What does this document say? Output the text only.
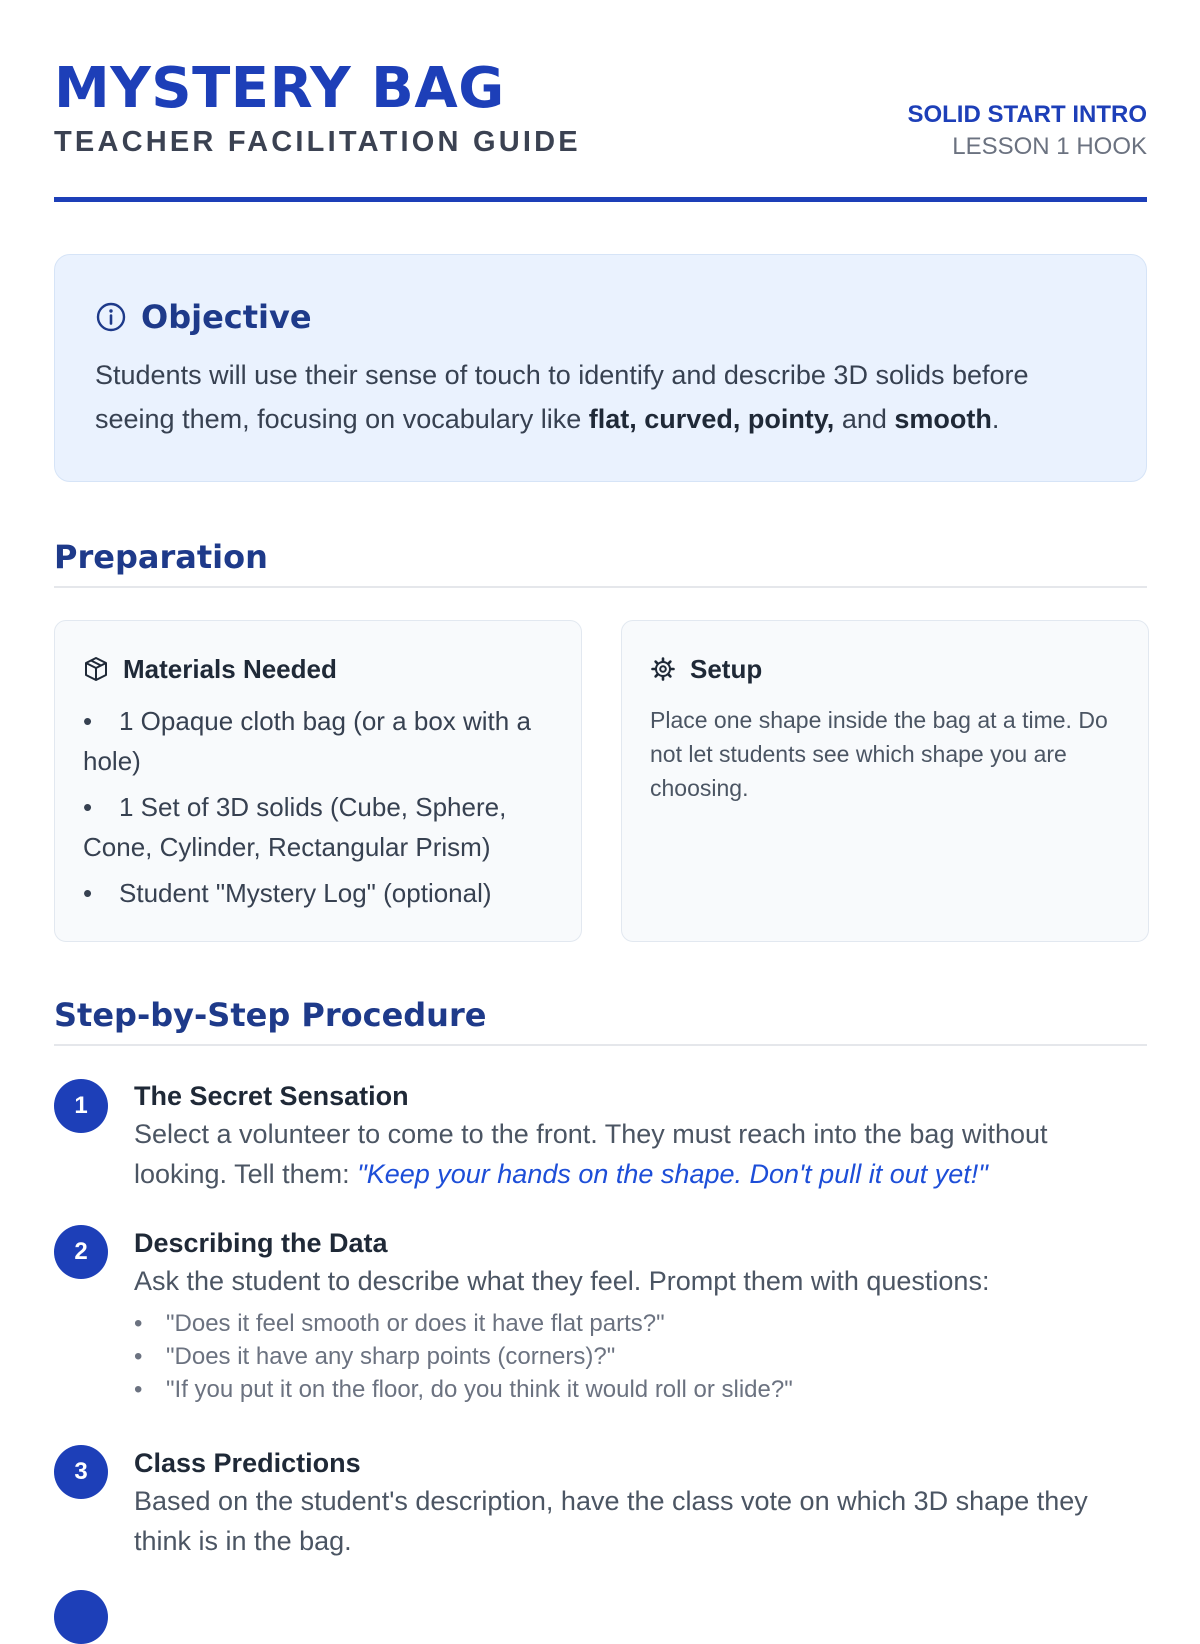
MYSTERY BAG
TEACHER FACILITATION GUIDE
SOLID START INTRO
LESSON 1 HOOK
Objective
Students will use their sense of touch to identify and describe 3D solids before seeing them, focusing on vocabulary like flat, curved, pointy, and smooth.
Preparation
Materials Needed
• 1 Opaque cloth bag (or a box with a hole)
• 1 Set of 3D solids (Cube, Sphere, Cone, Cylinder, Rectangular Prism)
• Student "Mystery Log" (optional)
Setup
Place one shape inside the bag at a time. Do not let students see which shape you are choosing.
Step-by-Step Procedure
1	The Secret Sensation
Select a volunteer to come to the front. They must reach into the bag without looking. Tell them: "Keep your hands on the shape. Don't pull it out yet!"
2	Describing the Data
Ask the student to describe what they feel. Prompt them with questions:
• "Does it feel smooth or does it have flat parts?"
• "Does it have any sharp points (corners)?"
• "If you put it on the floor, do you think it would roll or slide?"
3	Class Predictions
Based on the student's description, have the class vote on which 3D shape they think is in the bag.
